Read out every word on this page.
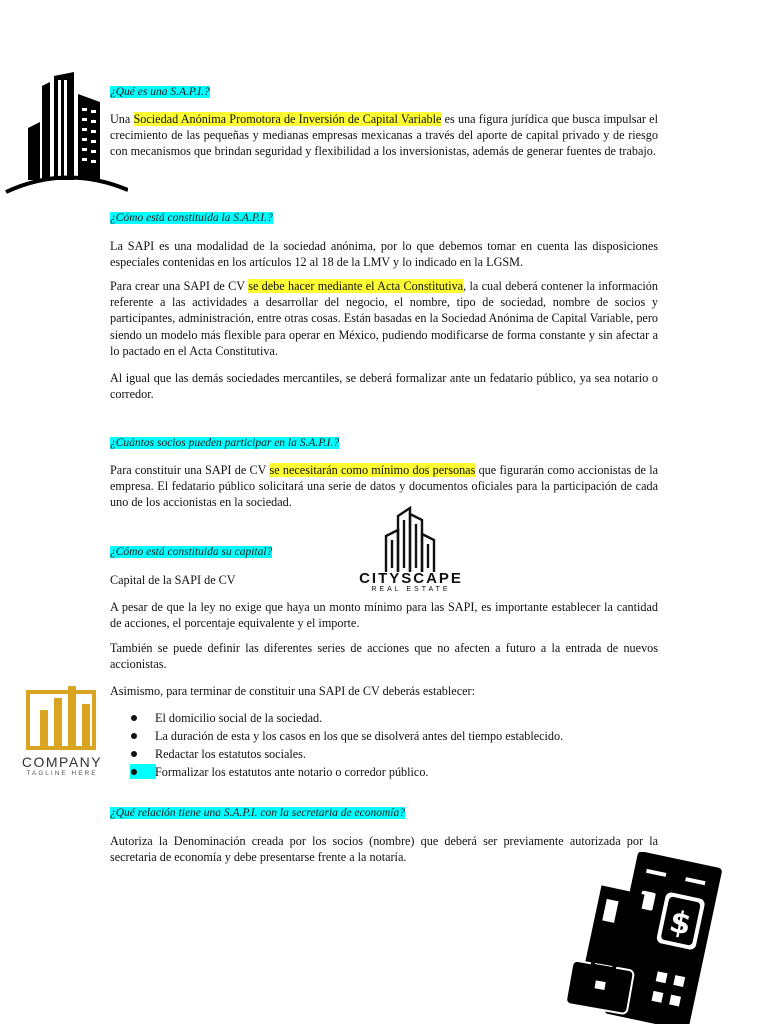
¿Qué es una S.A.P.I.?

Una Sociedad Anónima Promotora de Inversión de Capital Variable es una figura jurídica que busca impulsar el crecimiento de las pequeñas y medianas empresas mexicanas a través del aporte de capital privado y de riesgo con mecanismos que brindan seguridad y flexibilidad a los inversionistas, además de generar fuentes de trabajo.

¿Cómo está constituida la S.A.P.I.?

La SAPI es una modalidad de la sociedad anónima, por lo que debemos tomar en cuenta las disposiciones especiales contenidas en los artículos 12 al 18 de la LMV y lo indicado en la LGSM.

Para crear una SAPI de CV se debe hacer mediante el Acta Constitutiva, la cual deberá contener la información referente a las actividades a desarrollar del negocio, el nombre, tipo de sociedad, nombre de socios y participantes, administración, entre otras cosas. Están basadas en la Sociedad Anónima de Capital Variable, pero siendo un modelo más flexible para operar en México, pudiendo modificarse de forma constante y sin afectar a lo pactado en el Acta Constitutiva.

Al igual que las demás sociedades mercantiles, se deberá formalizar ante un fedatario público, ya sea notario o corredor.

¿Cuántos socios pueden participar en la S.A.P.I.?

Para constituir una SAPI de CV se necesitarán como mínimo dos personas que figurarán como accionistas de la empresa. El fedatario público solicitará una serie de datos y documentos oficiales para la participación de cada uno de los accionistas en la sociedad.

CITYSCAPE
REAL ESTATE
¿Cómo está constituida su capital?
Capital de la SAPI de CV

A pesar de que la ley no exige que haya un monto mínimo para las SAPI, es importante establecer la cantidad de acciones, el porcentaje equivalente y el importe.

También se puede definir las diferentes series de acciones que no afecten a futuro a la entrada de nuevos accionistas.

Asimismo, para terminar de constituir una SAPI de CV deberás establecer:

El domicilio social de la sociedad.
La duración de esta y los casos en los que se disolverá antes del tiempo establecido.
Redactar los estatutos sociales.
Formalizar los estatutos ante notario o corredor público.
COMPANY
TAGLINE HERE
¿Qué relación tiene una S.A.P.I. con la secretaria de economía?

Autoriza la Denominación creada por los socios (nombre) que deberá ser previamente autorizada por la secretaria de economía y debe presentarse frente a la notaría.

$
